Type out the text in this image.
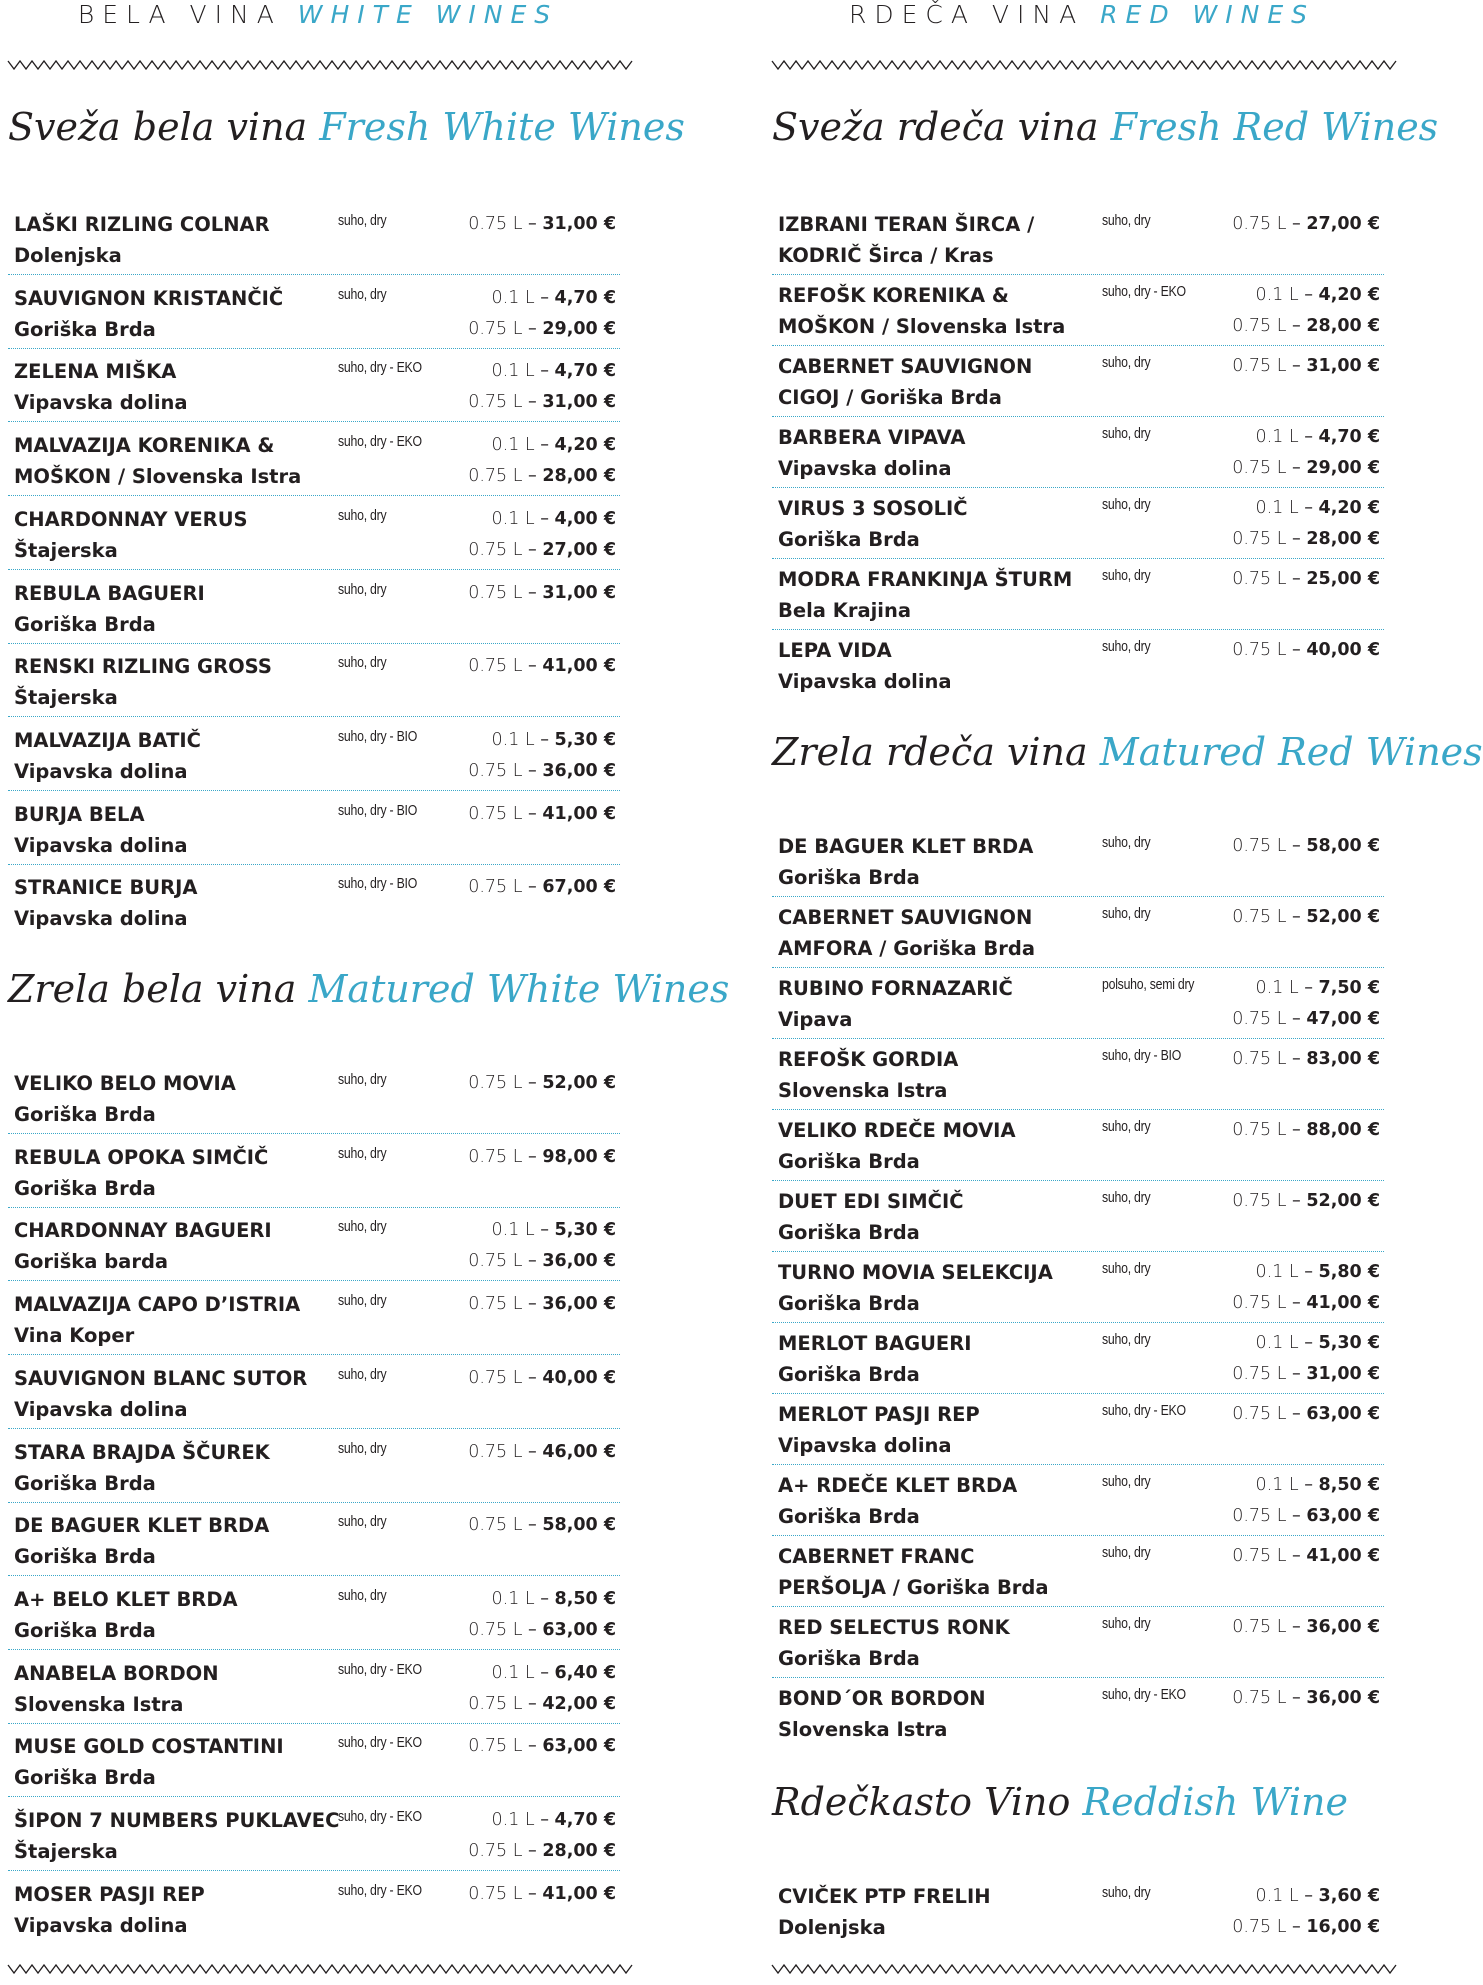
BELA VINA WHITE WINES
Sveža bela vina Fresh White Wines
LAŠKI RIZLING COLNAR
Dolenjska
suho, dry	0.75 L – 31,00 €
SAUVIGNON KRISTANČIČ
Goriška Brda
suho, dry	0.1 L – 4,70 €
0.75 L – 29,00 €
ZELENA MIŠKA
Vipavska dolina
suho, dry - EKO	0.1 L – 4,70 €
0.75 L – 31,00 €
MALVAZIJA KORENIKA &
MOŠKON / Slovenska Istra
suho, dry - EKO	0.1 L – 4,20 €
0.75 L – 28,00 €
CHARDONNAY VERUS
Štajerska
suho, dry	0.1 L – 4,00 €
0.75 L – 27,00 €
REBULA BAGUERI
Goriška Brda
suho, dry	0.75 L – 31,00 €
RENSKI RIZLING GROSS
Štajerska
suho, dry	0.75 L – 41,00 €
MALVAZIJA BATIČ
Vipavska dolina
suho, dry - BIO	0.1 L – 5,30 €
0.75 L – 36,00 €
BURJA BELA
Vipavska dolina
suho, dry - BIO	0.75 L – 41,00 €
STRANICE BURJA
Vipavska dolina
suho, dry - BIO	0.75 L – 67,00 €
Zrela bela vina Matured White Wines
VELIKO BELO MOVIA
Goriška Brda
suho, dry	0.75 L – 52,00 €
REBULA OPOKA SIMČIČ
Goriška Brda
suho, dry	0.75 L – 98,00 €
CHARDONNAY BAGUERI
Goriška barda
suho, dry	0.1 L – 5,30 €
0.75 L – 36,00 €
MALVAZIJA CAPO D’ISTRIA
Vina Koper
suho, dry	0.75 L – 36,00 €
SAUVIGNON BLANC SUTOR
Vipavska dolina
suho, dry	0.75 L – 40,00 €
STARA BRAJDA ŠČUREK
Goriška Brda
suho, dry	0.75 L – 46,00 €
DE BAGUER KLET BRDA
Goriška Brda
suho, dry	0.75 L – 58,00 €
A+ BELO KLET BRDA
Goriška Brda
suho, dry	0.1 L – 8,50 €
0.75 L – 63,00 €
ANABELA BORDON
Slovenska Istra
suho, dry - EKO	0.1 L – 6,40 €
0.75 L – 42,00 €
MUSE GOLD COSTANTINI
Goriška Brda
suho, dry - EKO	0.75 L – 63,00 €
ŠIPON 7 NUMBERS PUKLAVEC
Štajerska
suho, dry - EKO	0.1 L – 4,70 €
0.75 L – 28,00 €
MOSER PASJI REP
Vipavska dolina
suho, dry - EKO	0.75 L – 41,00 €
RDEČA VINA RED WINES
Sveža rdeča vina Fresh Red Wines
IZBRANI TERAN ŠIRCA /
KODRIČ Širca / Kras
suho, dry	0.75 L – 27,00 €
REFOŠK KORENIKA &
MOŠKON / Slovenska Istra
suho, dry - EKO	0.1 L – 4,20 €
0.75 L – 28,00 €
CABERNET SAUVIGNON
CIGOJ / Goriška Brda
suho, dry	0.75 L – 31,00 €
BARBERA VIPAVA
Vipavska dolina
suho, dry	0.1 L – 4,70 €
0.75 L – 29,00 €
VIRUS 3 SOSOLIČ
Goriška Brda
suho, dry	0.1 L – 4,20 €
0.75 L – 28,00 €
MODRA FRANKINJA ŠTURM
Bela Krajina
suho, dry	0.75 L – 25,00 €
LEPA VIDA
Vipavska dolina
suho, dry	0.75 L – 40,00 €
Zrela rdeča vina Matured Red Wines
DE BAGUER KLET BRDA
Goriška Brda
suho, dry	0.75 L – 58,00 €
CABERNET SAUVIGNON
AMFORA / Goriška Brda
suho, dry	0.75 L – 52,00 €
RUBINO FORNAZARIČ
Vipava
polsuho, semi dry	0.1 L – 7,50 €
0.75 L – 47,00 €
REFOŠK GORDIA
Slovenska Istra
suho, dry - BIO	0.75 L – 83,00 €
VELIKO RDEČE MOVIA
Goriška Brda
suho, dry	0.75 L – 88,00 €
DUET EDI SIMČIČ
Goriška Brda
suho, dry	0.75 L – 52,00 €
TURNO MOVIA SELEKCIJA
Goriška Brda
suho, dry	0.1 L – 5,80 €
0.75 L – 41,00 €
MERLOT BAGUERI
Goriška Brda
suho, dry	0.1 L – 5,30 €
0.75 L – 31,00 €
MERLOT PASJI REP
Vipavska dolina
suho, dry - EKO	0.75 L – 63,00 €
A+ RDEČE KLET BRDA
Goriška Brda
suho, dry	0.1 L – 8,50 €
0.75 L – 63,00 €
CABERNET FRANC
PERŠOLJA / Goriška Brda
suho, dry	0.75 L – 41,00 €
RED SELECTUS RONK
Goriška Brda
suho, dry	0.75 L – 36,00 €
BOND´OR BORDON
Slovenska Istra
suho, dry - EKO	0.75 L – 36,00 €
Rdečkasto Vino Reddish Wine
CVIČEK PTP FRELIH
Dolenjska
suho, dry	0.1 L – 3,60 €
0.75 L – 16,00 €
